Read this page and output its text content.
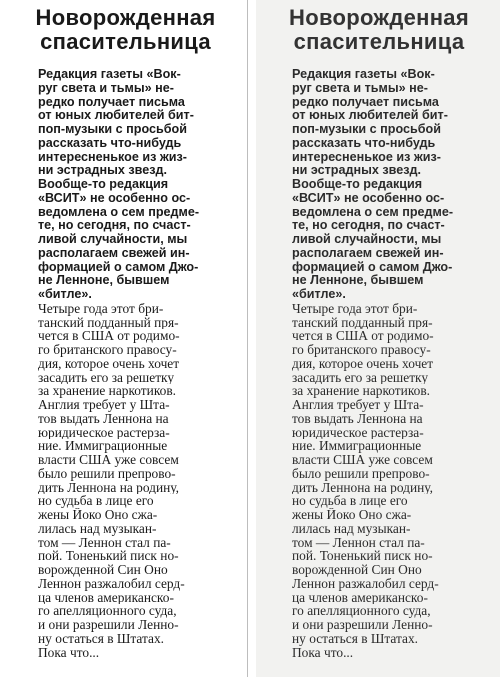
Новорожденная
спасительница
Редакция газеты «Вок-
руг света и тьмы» не-
редко получает письма
от юных любителей бит-
поп-музыки с просьбой
рассказать что-нибудь
интересненькое из жиз-
ни эстрадных звезд.
Вообще-то редакция
«ВСИТ» не особенно ос-
ведомлена о сем предме-
те, но сегодня, по счаст-
ливой случайности, мы
располагаем свежей ин-
формацией о самом Джо-
не Ленноне, бывшем
«битле».
Четыре года этот бри-
танский подданный пря-
чется в США от родимо-
го британского правосу-
дия, которое очень хочет
засадить его за решетку
за хранение наркотиков.
Англия требует у Шта-
тов выдать Леннона на
юридическое растерза-
ние. Иммиграционные
власти США уже совсем
было решили препрово-
дить Леннона на родину,
но судьба в лице его
жены Йоко Оно сжа-
лилась над музыкан-
том — Леннон стал па-
пой. Тоненький писк но-
ворожденной Син Оно
Леннон разжалобил серд-
ца членов американско-
го апелляционного суда,
и они разрешили Ленно-
ну остаться в Штатах.
Пока что...
Новорожденная
спасительница
Редакция газеты «Вок-
руг света и тьмы» не-
редко получает письма
от юных любителей бит-
поп-музыки с просьбой
рассказать что-нибудь
интересненькое из жиз-
ни эстрадных звезд.
Вообще-то редакция
«ВСИТ» не особенно ос-
ведомлена о сем предме-
те, но сегодня, по счаст-
ливой случайности, мы
располагаем свежей ин-
формацией о самом Джо-
не Ленноне, бывшем
«битле».
Четыре года этот бри-
танский подданный пря-
чется в США от родимо-
го британского правосу-
дия, которое очень хочет
засадить его за решетку
за хранение наркотиков.
Англия требует у Шта-
тов выдать Леннона на
юридическое растерза-
ние. Иммиграционные
власти США уже совсем
было решили препрово-
дить Леннона на родину,
но судьба в лице его
жены Йоко Оно сжа-
лилась над музыкан-
том — Леннон стал па-
пой. Тоненький писк но-
ворожденной Син Оно
Леннон разжалобил серд-
ца членов американско-
го апелляционного суда,
и они разрешили Ленно-
ну остаться в Штатах.
Пока что...
